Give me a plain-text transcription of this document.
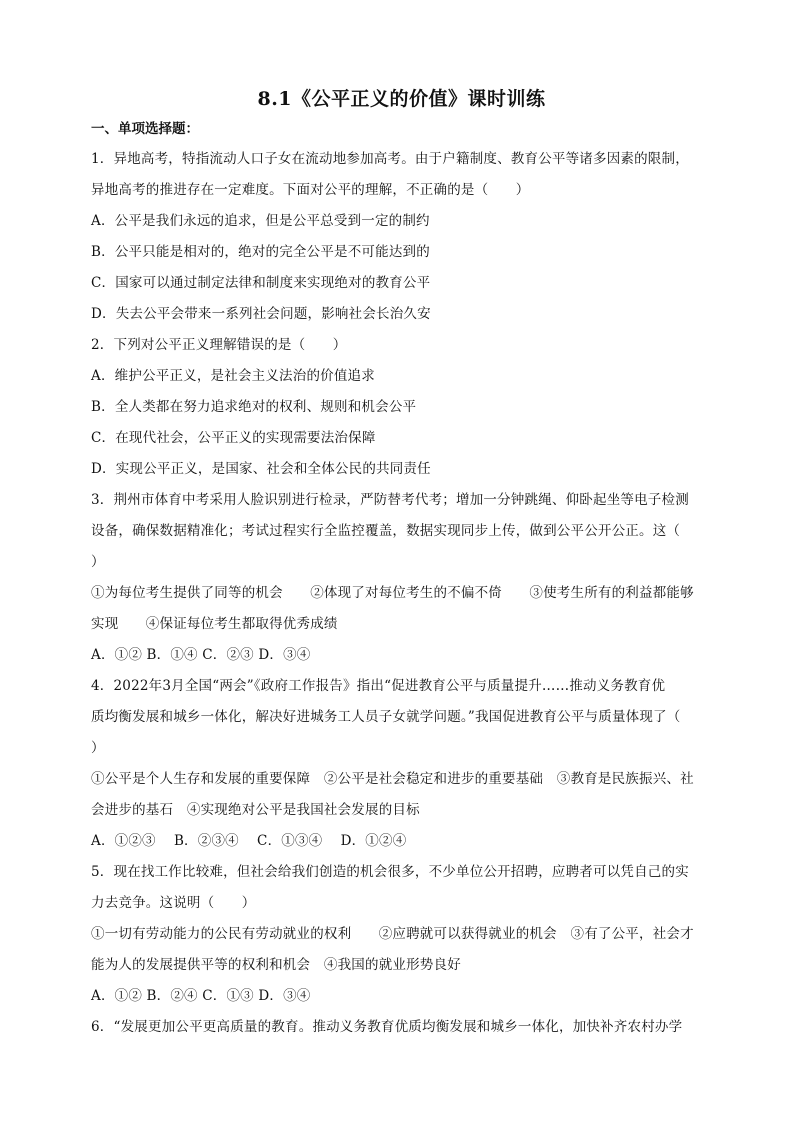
8.1《公平正义的价值》课时训练
一、单项选择题：
1．异地高考，特指流动人口子女在流动地参加高考。由于户籍制度、教育公平等诸多因素的限制，
异地高考的推进存在一定难度。下面对公平的理解，不正确的是（　　）
A．公平是我们永远的追求，但是公平总受到一定的制约
B．公平只能是相对的，绝对的完全公平是不可能达到的
C．国家可以通过制定法律和制度来实现绝对的教育公平
D．失去公平会带来一系列社会问题，影响社会长治久安
2．下列对公平正义理解错误的是（　　）
A．维护公平正义，是社会主义法治的价值追求
B．全人类都在努力追求绝对的权利、规则和机会公平
C．在现代社会，公平正义的实现需要法治保障
D．实现公平正义，是国家、社会和全体公民的共同责任
3．荆州市体育中考采用人脸识别进行检录，严防替考代考；增加一分钟跳绳、仰卧起坐等电子检测
设备，确保数据精准化；考试过程实行全监控覆盖，数据实现同步上传，做到公平公开公正。这（
）
①为每位考生提供了同等的机会　　②体现了对每位考生的不偏不倚　　③使考生所有的利益都能够
实现　　④保证每位考生都取得优秀成绩
A．①② B．①④ C．②③ D．③④
4．2022年3月全国“两会”《政府工作报告》指出“促进教育公平与质量提升……推动义务教育优
质均衡发展和城乡一体化，解决好进城务工人员子女就学问题。”我国促进教育公平与质量体现了（
）
①公平是个人生存和发展的重要保障　②公平是社会稳定和进步的重要基础　③教育是民族振兴、社
会进步的基石　④实现绝对公平是我国社会发展的目标
A．①②③　 B．②③④　 C．①③④　 D．①②④
5．现在找工作比较难，但社会给我们创造的机会很多，不少单位公开招聘，应聘者可以凭自己的实
力去竞争。这说明（　　）
①一切有劳动能力的公民有劳动就业的权利　　②应聘就可以获得就业的机会　③有了公平，社会才
能为人的发展提供平等的权利和机会　④我国的就业形势良好
A．①② B．②④ C．①③ D．③④
6．“发展更加公平更高质量的教育。推动义务教育优质均衡发展和城乡一体化，加快补齐农村办学
